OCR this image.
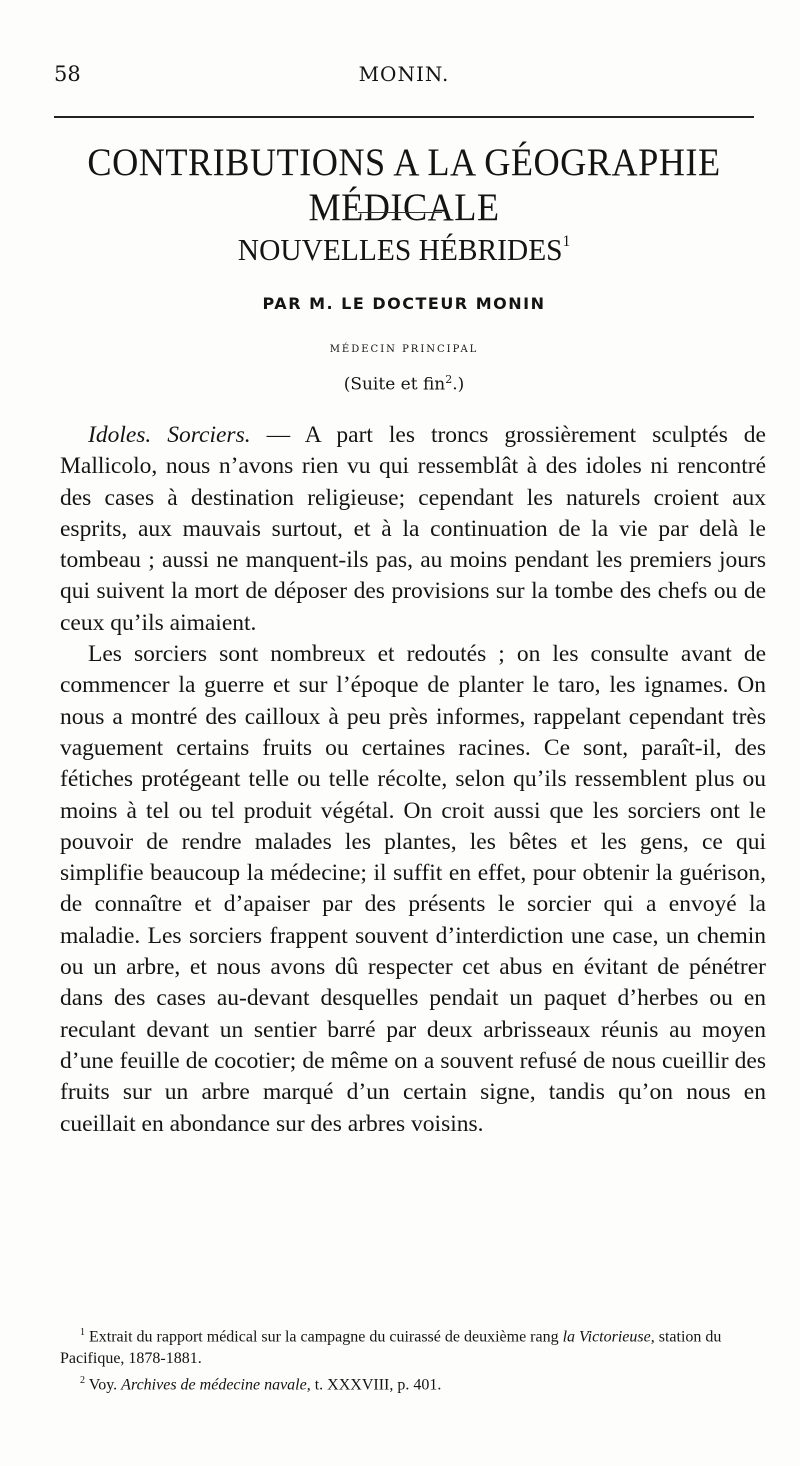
58	MONIN.
CONTRIBUTIONS A LA GÉOGRAPHIE MÉDICALE
NOUVELLES HÉBRIDES$^1$
PAR M. LE DOCTEUR MONIN
MÉDECIN PRINCIPAL
(Suite et fin$^2$.)

Idoles. Sorciers. — A part les troncs grossièrement sculptés de Mallicolo, nous n’avons rien vu qui ressemblât à des idoles ni rencontré des cases à destination religieuse; cependant les naturels croient aux esprits, aux mauvais surtout, et à la continuation de la vie par delà le tombeau ; aussi ne manquent-ils pas, au moins pendant les premiers jours qui suivent la mort de déposer des provisions sur la tombe des chefs ou de ceux qu’ils aimaient.

Les sorciers sont nombreux et redoutés ; on les consulte avant de commencer la guerre et sur l’époque de planter le taro, les ignames. On nous a montré des cailloux à peu près informes, rappelant cependant très vaguement certains fruits ou certaines racines. Ce sont, paraît-il, des fétiches protégeant telle ou telle récolte, selon qu’ils ressemblent plus ou moins à tel ou tel produit végétal. On croit aussi que les sorciers ont le pouvoir de rendre malades les plantes, les bêtes et les gens, ce qui simplifie beaucoup la médecine; il suffit en effet, pour obtenir la guérison, de connaître et d’apaiser par des présents le sorcier qui a envoyé la maladie. Les sorciers frappent souvent d’interdiction une case, un chemin ou un arbre, et nous avons dû respecter cet abus en évitant de pénétrer dans des cases au-devant desquelles pendait un paquet d’herbes ou en reculant devant un sentier barré par deux arbrisseaux réunis au moyen d’une feuille de cocotier; de même on a souvent refusé de nous cueillir des fruits sur un arbre marqué d’un certain signe, tandis qu’on nous en cueillait en abondance sur des arbres voisins.

$^1$ Extrait du rapport médical sur la campagne du cuirassé de deuxième rang la Victorieuse, station du Pacifique, 1878-1881.

$^2$ Voy. Archives de médecine navale, t. XXXVIII, p. 401.
